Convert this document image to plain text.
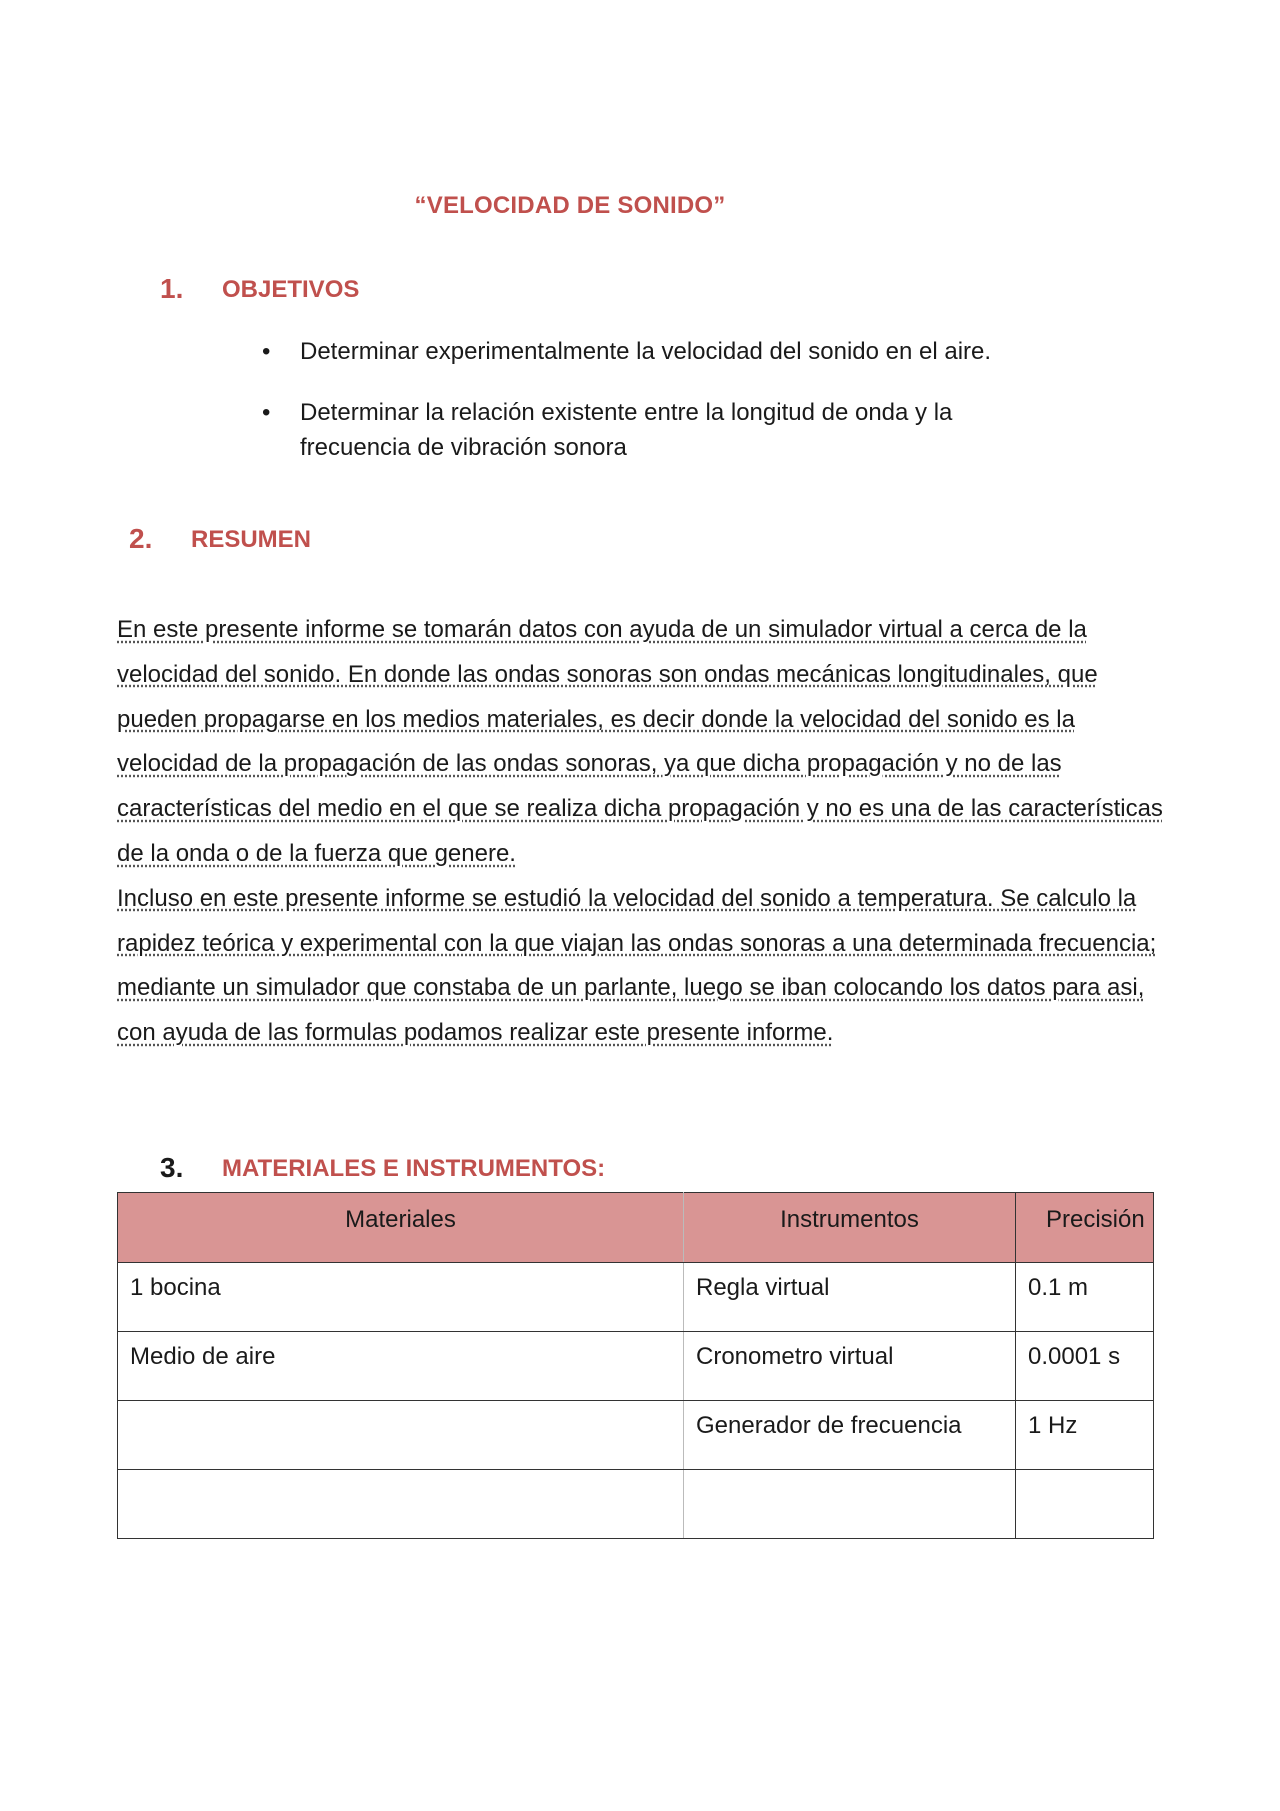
“VELOCIDAD DE SONIDO”
1. OBJETIVOS
• Determinar experimentalmente la velocidad del sonido en el aire.
• Determinar la relación existente entre la longitud de onda y la frecuencia de vibración sonora
2. RESUMEN

En este presente informe se tomarán datos con ayuda de un simulador virtual a cerca de la velocidad del sonido. En donde las ondas sonoras son ondas mecánicas longitudinales, que pueden propagarse en los medios materiales, es decir donde la velocidad del sonido es la velocidad de la propagación de las ondas sonoras, ya que dicha propagación y no de las características del medio en el que se realiza dicha propagación y no es una de las características de la onda o de la fuerza que genere.

Incluso en este presente informe se estudió la velocidad del sonido a temperatura. Se calculo la rapidez teórica y experimental con la que viajan las ondas sonoras a una determinada frecuencia; mediante un simulador que constaba de un parlante, luego se iban colocando los datos para asi, con ayuda de las formulas podamos realizar este presente informe.

3. MATERIALES E INSTRUMENTOS:
Materiales	Instrumentos	Precisión
1 bocina	Regla virtual	0.1 m
Medio de aire	Cronometro virtual	0.0001 s
	Generador de frecuencia	1 Hz
